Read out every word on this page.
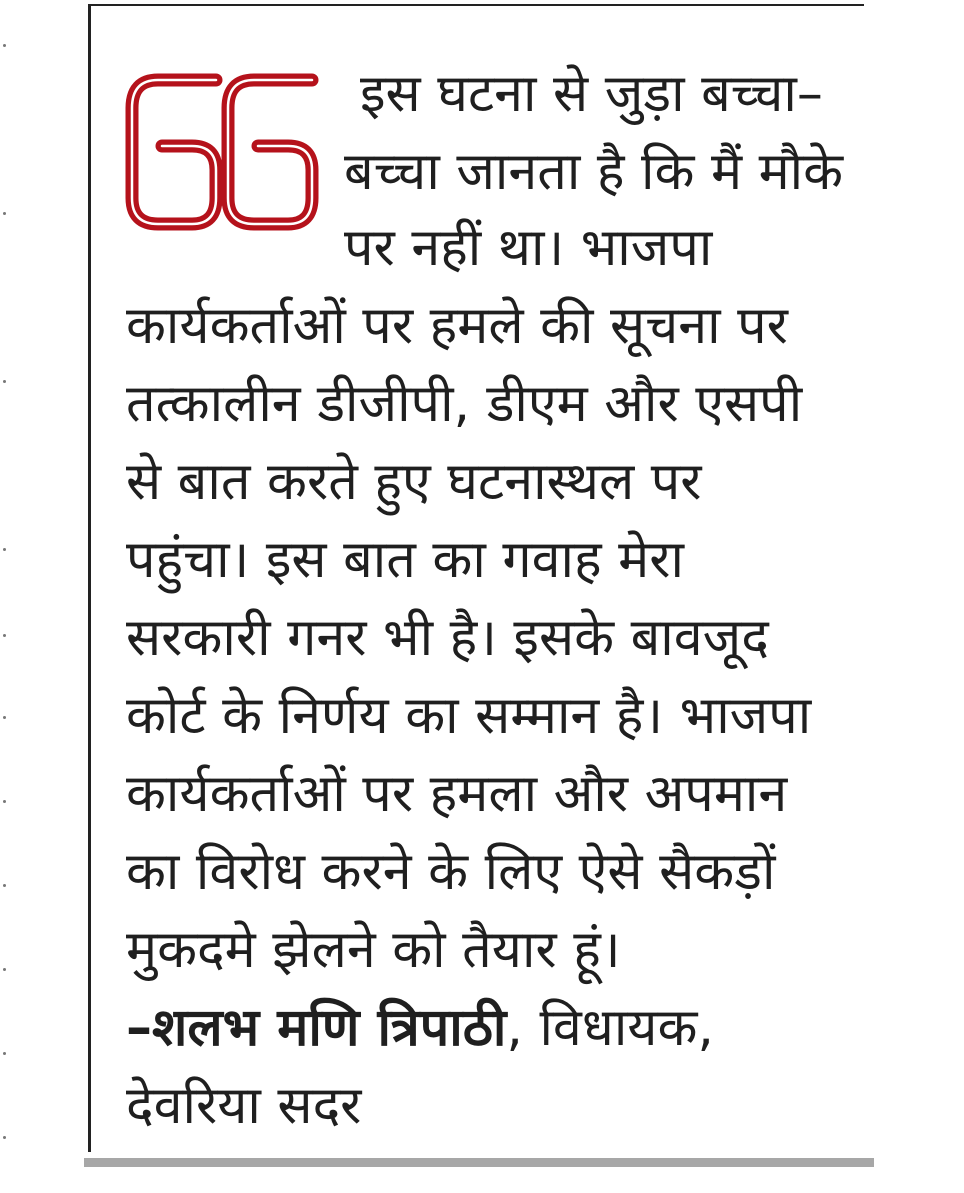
इस घटना से जुड़ा बच्चा–
बच्चा जानता है कि मैं मौके
पर नहीं था। भाजपा
कार्यकर्ताओं पर हमले की सूचना पर
तत्कालीन डीजीपी, डीएम और एसपी
से बात करते हुए घटनास्थल पर
पहुंचा। इस बात का गवाह मेरा
सरकारी गनर भी है। इसके बावजूद
कोर्ट के निर्णय का सम्मान है। भाजपा
कार्यकर्ताओं पर हमला और अपमान
का विरोध करने के लिए ऐसे सैकड़ों
मुकदमे झेलने को तैयार हूं।
–शलभ मणि त्रिपाठी, विधायक,
देवरिया सदर
